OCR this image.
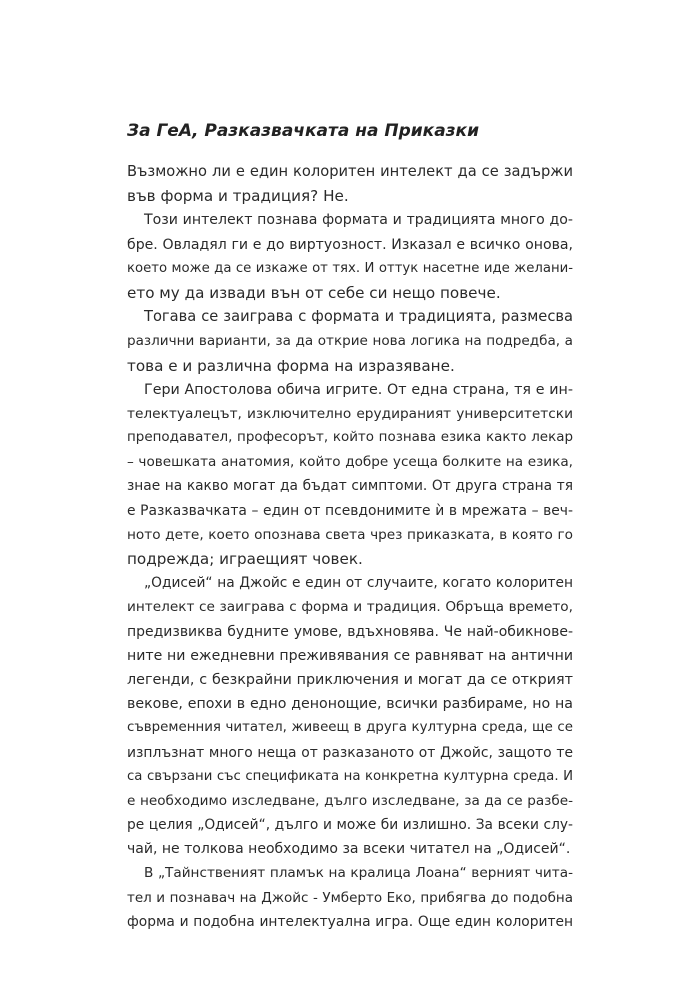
За ГеА, Разказвачката на Приказки
Възможно ли е един колоритен интелект да се задържи
във форма и традиция? Не.
Този интелект познава формата и традицията много до-
бре. Овладял ги е до виртуозност. Изказал е всичко онова,
което може да се изкаже от тях. И оттук насетне иде желани-
ето му да извади вън от себе си нещо повече.
Тогава се заиграва с формата и традицията, размесва
различни варианти, за да открие нова логика на подредба, а
това е и различна форма на изразяване.
Гери Апостолова обича игрите. От една страна, тя е ин-
телектуалецът, изключително ерудираният университетски
преподавател, професорът, който познава езика както лекар
– човешката анатомия, който добре усеща болките на езика,
знае на какво могат да бъдат симптоми. От друга страна тя
е Разказвачката – един от псевдонимите ѝ в мрежата – веч-
ното дете, което опознава света чрез приказката, в която го
подрежда; играещият човек.
„Одисей“ на Джойс е един от случаите, когато колоритен
интелект се заиграва с форма и традиция. Обръща времето,
предизвиква будните умове, вдъхновява. Че най-обикнове-
ните ни ежедневни преживявания се равняват на антични
легенди, с безкрайни приключения и могат да се открият
векове, епохи в едно денонощие, всички разбираме, но на
съвременния читател, живеещ в друга културна среда, ще се
изплъзнат много неща от разказаното от Джойс, защото те
са свързани със спецификата на конкретна културна среда. И
е необходимо изследване, дълго изследване, за да се разбе-
ре целия „Одисей“, дълго и може би излишно. За всеки слу-
чай, не толкова необходимо за всеки читател на „Одисей“.
В „Тайнственият пламък на кралица Лоана“ верният чита-
тел и познавач на Джойс - Умберто Еко, прибягва до подобна
форма и подобна интелектуална игра. Още един колоритен
